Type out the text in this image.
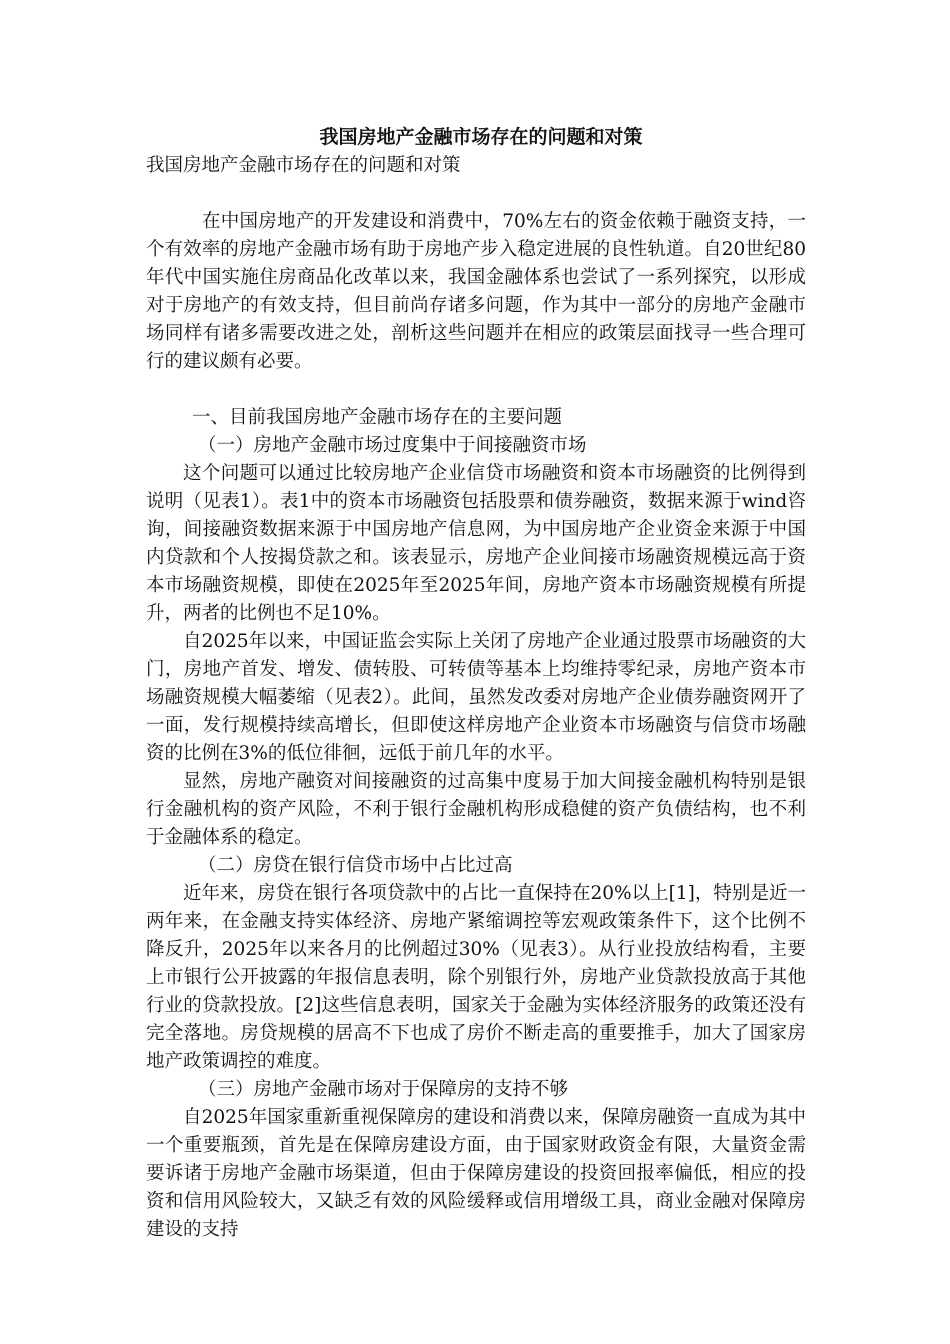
我国房地产金融市场存在的问题和对策

我国房地产金融市场存在的问题和对策

在中国房地产的开发建设和消费中，70%左右的资金依赖于融资支持，一个有效率的房地产金融市场有助于房地产步入稳定进展的良性轨道。自20世纪80年代中国实施住房商品化改革以来，我国金融体系也尝试了一系列探究，以形成对于房地产的有效支持，但目前尚存诸多问题，作为其中一部分的房地产金融市场同样有诸多需要改进之处，剖析这些问题并在相应的政策层面找寻一些合理可行的建议颇有必要。

一、目前我国房地产金融市场存在的主要问题

（一）房地产金融市场过度集中于间接融资市场

这个问题可以通过比较房地产企业信贷市场融资和资本市场融资的比例得到说明（见表1）。表1中的资本市场融资包括股票和债券融资，数据来源于wind咨询，间接融资数据来源于中国房地产信息网，为中国房地产企业资金来源于中国内贷款和个人按揭贷款之和。该表显示，房地产企业间接市场融资规模远高于资本市场融资规模，即使在2025年至2025年间，房地产资本市场融资规模有所提升，两者的比例也不足10%。

自2025年以来，中国证监会实际上关闭了房地产企业通过股票市场融资的大门，房地产首发、增发、债转股、可转债等基本上均维持零纪录，房地产资本市场融资规模大幅萎缩（见表2）。此间，虽然发改委对房地产企业债券融资网开了一面，发行规模持续高增长，但即使这样房地产企业资本市场融资与信贷市场融资的比例在3%的低位徘徊，远低于前几年的水平。

显然，房地产融资对间接融资的过高集中度易于加大间接金融机构特别是银行金融机构的资产风险，不利于银行金融机构形成稳健的资产负债结构，也不利于金融体系的稳定。

（二）房贷在银行信贷市场中占比过高

近年来，房贷在银行各项贷款中的占比一直保持在20%以上[1]，特别是近一两年来，在金融支持实体经济、房地产紧缩调控等宏观政策条件下，这个比例不降反升，2025年以来各月的比例超过30%（见表3）。从行业投放结构看，主要上市银行公开披露的年报信息表明，除个别银行外，房地产业贷款投放高于其他行业的贷款投放。[2]这些信息表明，国家关于金融为实体经济服务的政策还没有完全落地。房贷规模的居高不下也成了房价不断走高的重要推手，加大了国家房地产政策调控的难度。

（三）房地产金融市场对于保障房的支持不够

自2025年国家重新重视保障房的建设和消费以来，保障房融资一直成为其中一个重要瓶颈，首先是在保障房建设方面，由于国家财政资金有限，大量资金需要诉诸于房地产金融市场渠道，但由于保障房建设的投资回报率偏低，相应的投资和信用风险较大，又缺乏有效的风险缓释或信用增级工具，商业金融对保障房建设的支持
